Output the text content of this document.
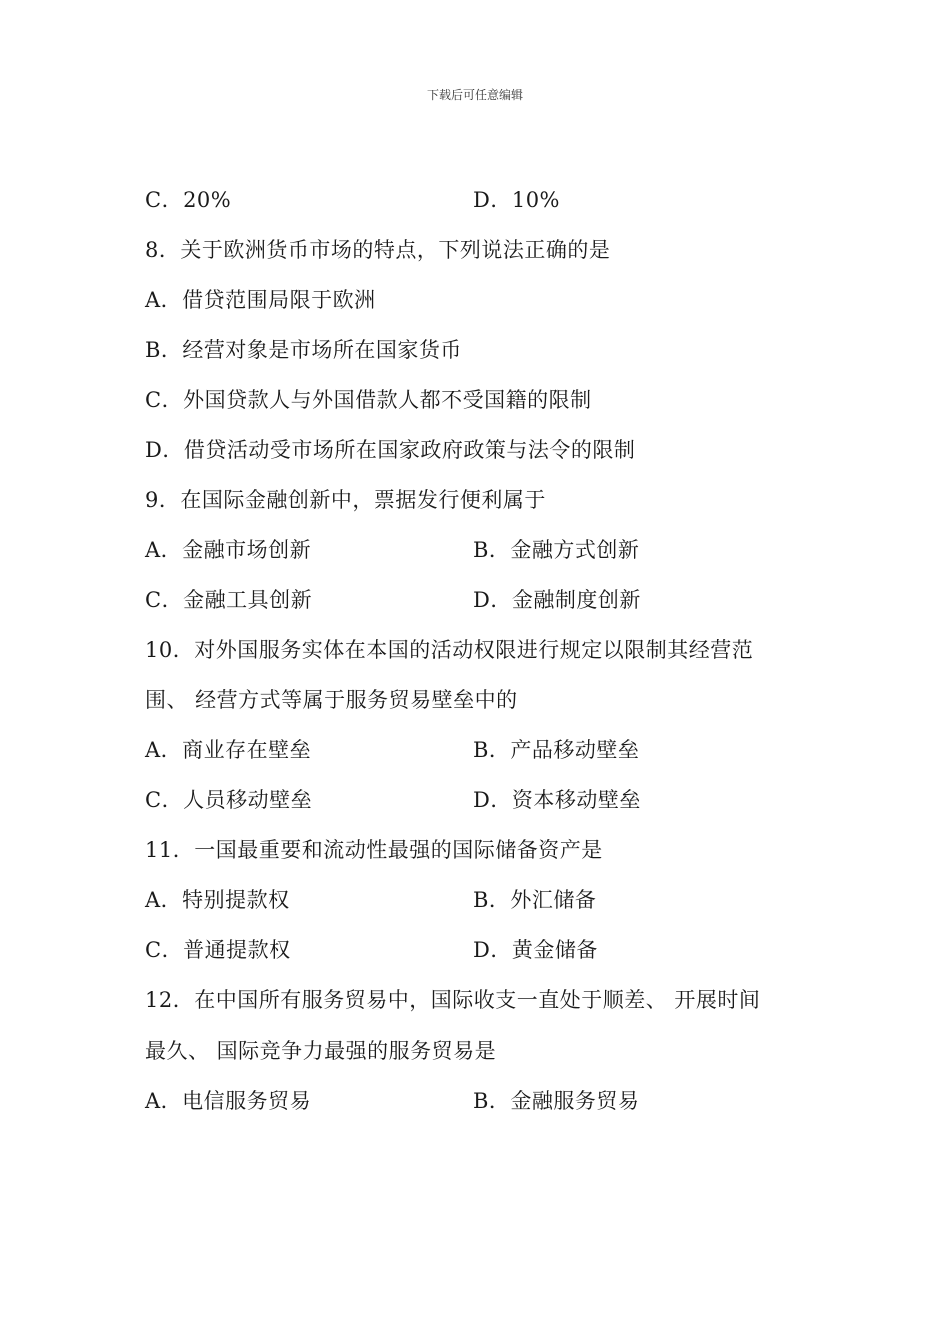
下载后可任意编辑
C．20%	D．10%
8．关于欧洲货币市场的特点，下列说法正确的是
A．借贷范围局限于欧洲
B．经营对象是市场所在国家货币
C．外国贷款人与外国借款人都不受国籍的限制
D．借贷活动受市场所在国家政府政策与法令的限制
9．在国际金融创新中，票据发行便利属于
A．金融市场创新	B．金融方式创新
C．金融工具创新	D．金融制度创新
10．对外国服务实体在本国的活动权限进行规定以限制其经营范
围、 经营方式等属于服务贸易壁垒中的
A．商业存在壁垒	B．产品移动壁垒
C．人员移动壁垒	D．资本移动壁垒
11．一国最重要和流动性最强的国际储备资产是
A．特别提款权	B．外汇储备
C．普通提款权	D．黄金储备
12．在中国所有服务贸易中，国际收支一直处于顺差、 开展时间
最久、 国际竞争力最强的服务贸易是
A．电信服务贸易	B．金融服务贸易
